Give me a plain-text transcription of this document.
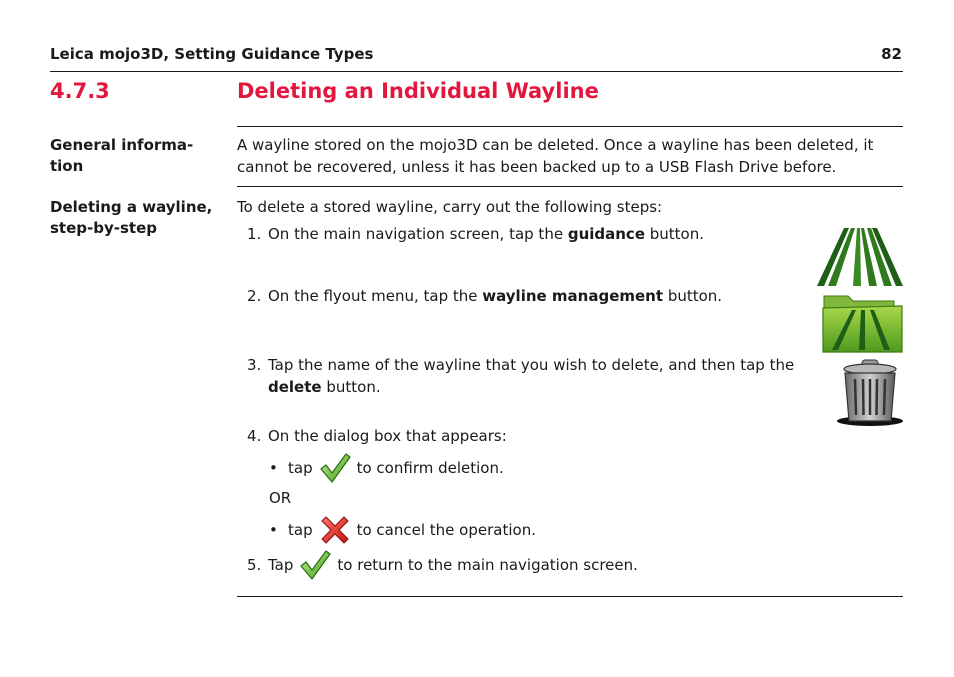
Leica mojo3D, Setting Guidance Types	82
4.7.3	Deleting an Individual Wayline
General informa-
tion
A wayline stored on the mojo3D can be deleted. Once a wayline has been deleted, it cannot be recovered, unless it has been backed up to a USB Flash Drive before.
Deleting a wayline, step-by-step
To delete a stored wayline, carry out the following steps:
1. On the main navigation screen, tap the guidance button.
2. On the flyout menu, tap the wayline management button.
3. Tap the name of the wayline that you wish to delete, and then tap the delete button.
4. On the dialog box that appears:
• tap	to confirm deletion.
OR
• tap	to cancel the operation.
5. Tap	to return to the main navigation screen.
